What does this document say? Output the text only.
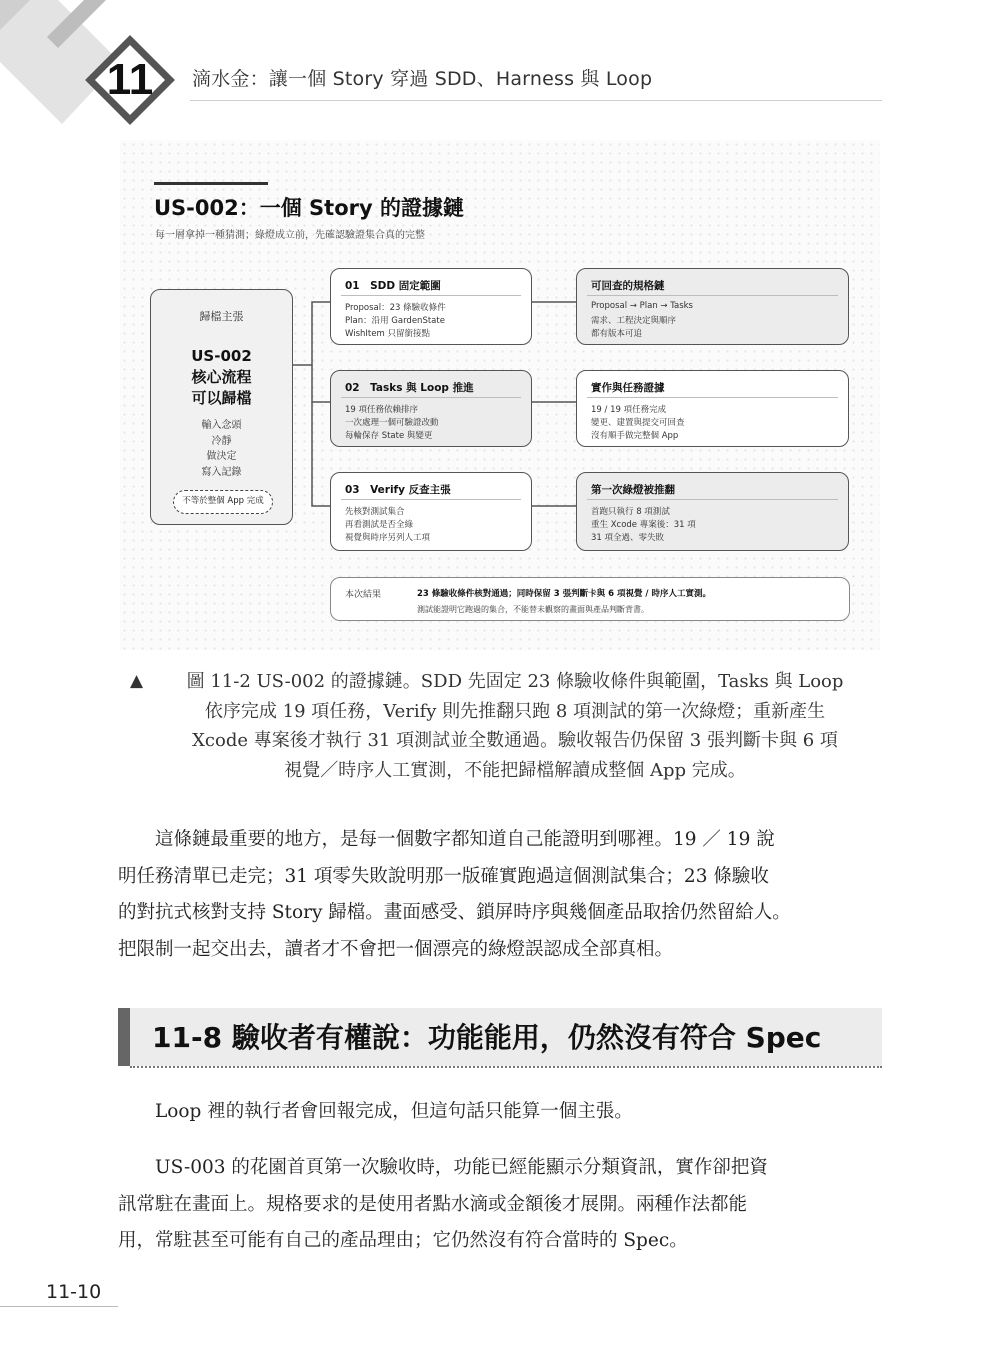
11	滴水金：讓一個 Story 穿過 SDD、Harness 與 Loop
US-002：一個 Story 的證據鏈
每一層拿掉一種猜測；綠燈成立前，先確認驗證集合真的完整
歸檔主張
US-002
核心流程
可以歸檔
輸入念頭
冷靜
做決定
寫入記錄
不等於整個 App 完成
01　SDD 固定範圍
Proposal：23 條驗收條件
Plan：沿用 GardenState
WishItem 只留銜接點
02　Tasks 與 Loop 推進
19 項任務依賴排序
一次處理一個可驗證改動
每輪保存 State 與變更
03　Verify 反查主張
先核對測試集合
再看測試是否全綠
視覺與時序另列人工項
可回查的規格鏈
Proposal → Plan → Tasks
需求、工程決定與順序
都有版本可追
實作與任務證據
19 / 19 項任務完成
變更、建置與提交可回查
沒有順手做完整個 App
第一次綠燈被推翻
首跑只執行 8 項測試
重生 Xcode 專案後：31 項
31 項全過、零失敗
本次結果	23 條驗收條件核對通過；同時保留 3 張判斷卡與 6 項視覺 / 時序人工實測。
測試能證明它跑過的集合，不能替未觀察的畫面與產品判斷背書。
▲	圖 11-2 US-002 的證據鏈。SDD 先固定 23 條驗收條件與範圍，Tasks 與 Loop
依序完成 19 項任務，Verify 則先推翻只跑 8 項測試的第一次綠燈；重新產生
Xcode 專案後才執行 31 項測試並全數通過。驗收報告仍保留 3 張判斷卡與 6 項
視覺／時序人工實測，不能把歸檔解讀成整個 App 完成。
　　這條鏈最重要的地方，是每一個數字都知道自己能證明到哪裡。19 ／ 19 說
明任務清單已走完；31 項零失敗說明那一版確實跑過這個測試集合；23 條驗收
的對抗式核對支持 Story 歸檔。畫面感受、鎖屏時序與幾個產品取捨仍然留給人。
把限制一起交出去，讀者才不會把一個漂亮的綠燈誤認成全部真相。
11-8 驗收者有權說：功能能用，仍然沒有符合 Spec
　　Loop 裡的執行者會回報完成，但這句話只能算一個主張。
　　US-003 的花園首頁第一次驗收時，功能已經能顯示分類資訊，實作卻把資
訊常駐在畫面上。規格要求的是使用者點水滴或金額後才展開。兩種作法都能
用，常駐甚至可能有自己的產品理由；它仍然沒有符合當時的 Spec。
11-10
